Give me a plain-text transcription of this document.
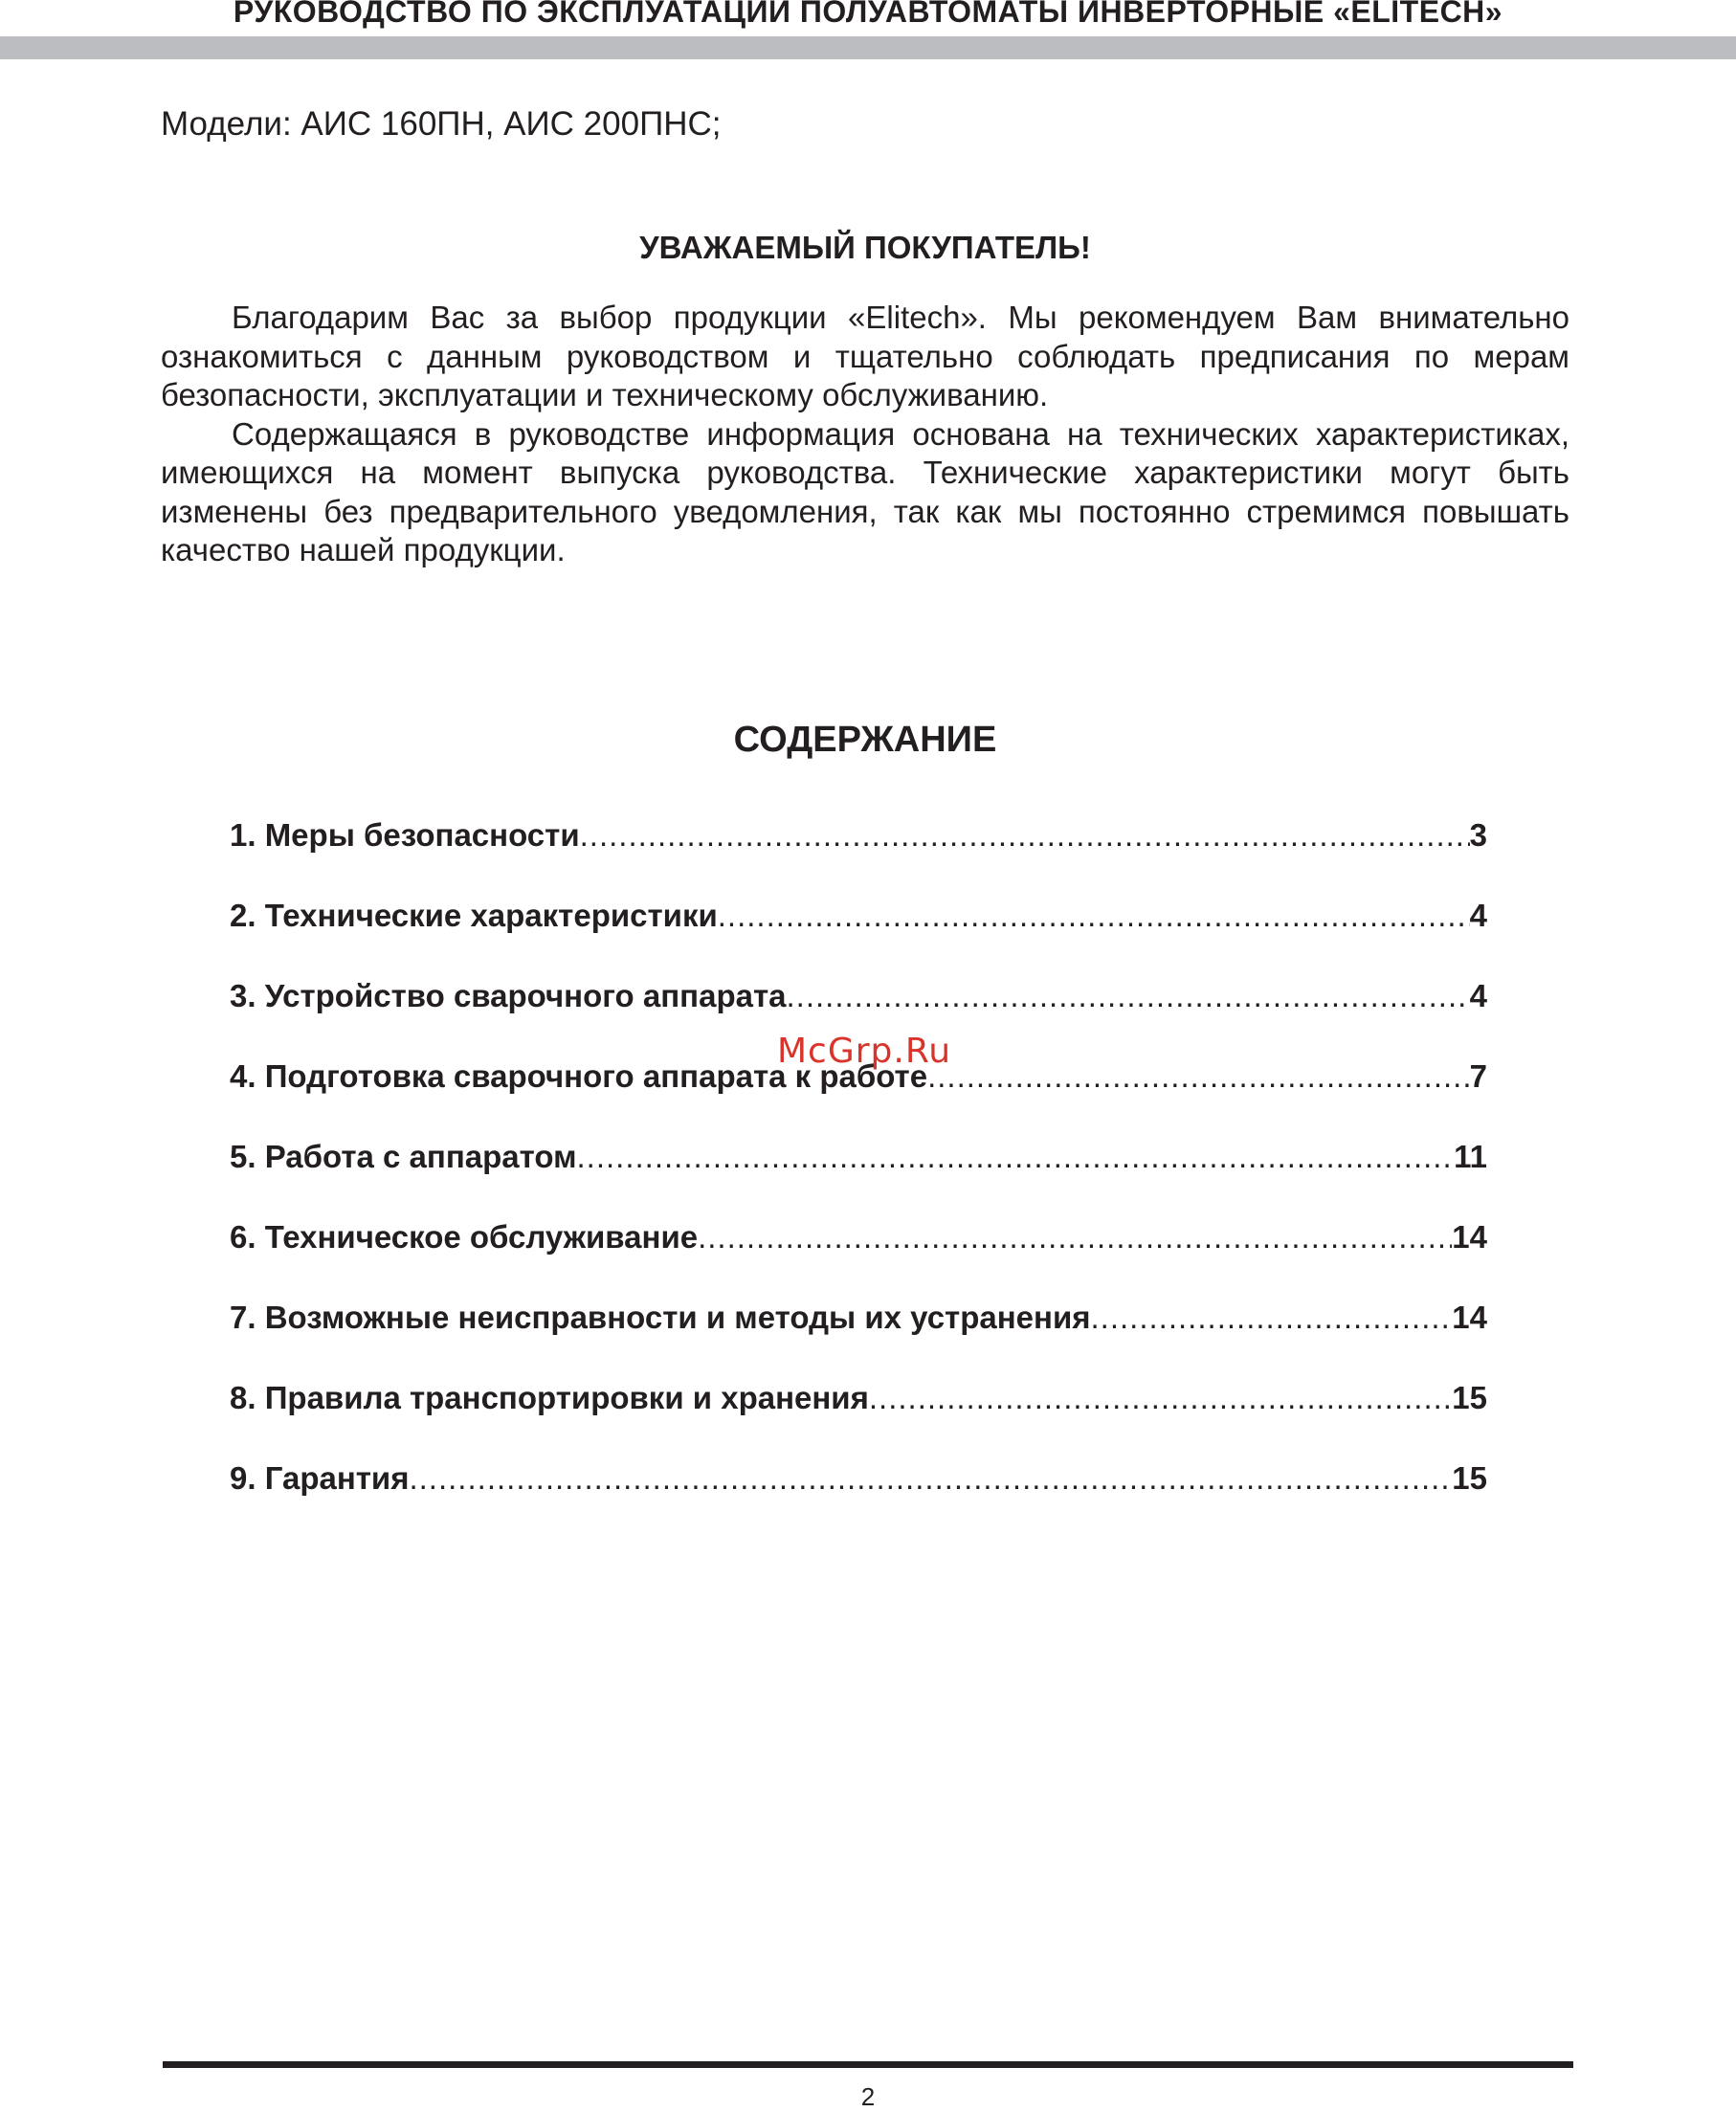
РУКОВОДСТВО ПО ЭКСПЛУАТАЦИИ ПОЛУАВТОМАТЫ ИНВЕРТОРНЫЕ «ELITECH»
Модели: АИС 160ПН, АИС 200ПНС;
УВАЖАЕМЫЙ ПОКУПАТЕЛЬ!

Благодарим Вас за выбор продукции «Elitech». Мы рекомендуем Вам внимательно ознакомиться с данным руководством и тщательно соблюдать предписания по мерам безопасности, эксплуатации и техническому обслуживанию.

Содержащаяся в руководстве информация основана на технических характеристиках, имеющихся на момент выпуска руководства. Технические характеристики могут быть изменены без предварительного уведомления, так как мы постоянно стремимся повышать качество нашей продукции.

СОДЕРЖАНИЕ
1. Меры безопасности .....	3
2. Технические характеристики .....	4
3. Устройство сварочного аппарата .....	4
4. Подготовка сварочного аппарата к работе .....	7
5. Работа с аппаратом .....	11
6. Техническое обслуживание .....	14
7. Возможные неисправности и методы их устранения .....	14
8. Правила транспортировки и хранения .....	15
9. Гарантия .....	15
McGrp.Ru
2
